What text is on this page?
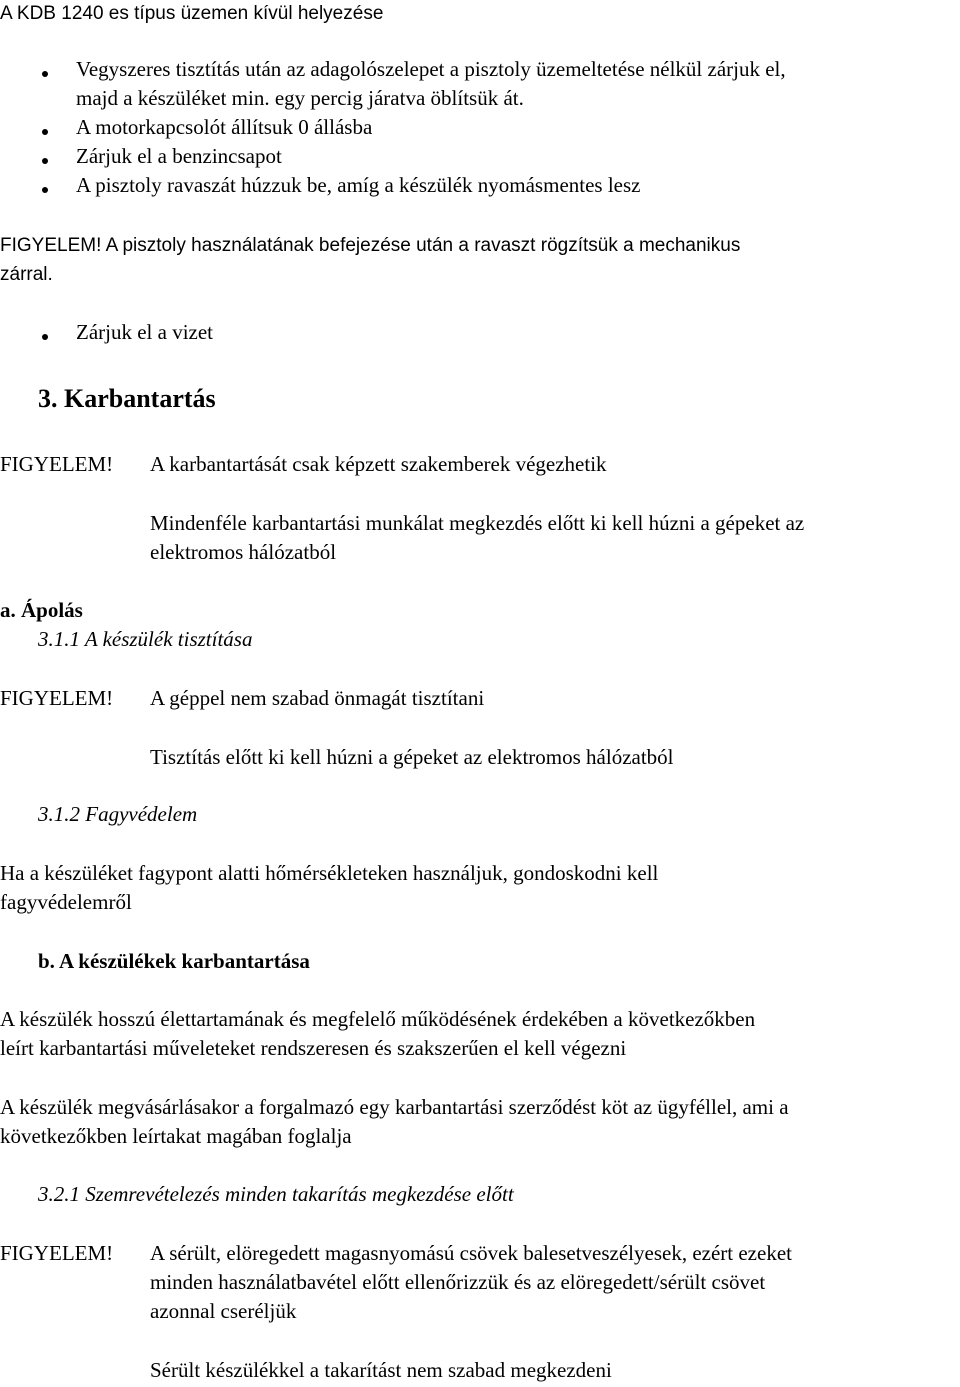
A KDB 1240 es típus üzemen kívül helyezése
Vegyszeres tisztítás után az adagolószelepet a pisztoly üzemeltetése nélkül zárjuk el,
majd a készüléket min. egy percig járatva öblítsük át.
A motorkapcsolót állítsuk 0 állásba
Zárjuk el a benzincsapot
A pisztoly ravaszát húzzuk be, amíg a készülék nyomásmentes lesz
FIGYELEM! A pisztoly használatának befejezése után a ravaszt rögzítsük a mechanikus
zárral.
Zárjuk el a vizet
3. Karbantartás
FIGYELEM! A karbantartását csak képzett szakemberek végezhetik
Mindenféle karbantartási munkálat megkezdés előtt ki kell húzni a gépeket az
elektromos hálózatból
a. Ápolás
3.1.1 A készülék tisztítása
FIGYELEM! A géppel nem szabad önmagát tisztítani
Tisztítás előtt ki kell húzni a gépeket az elektromos hálózatból
3.1.2 Fagyvédelem
Ha a készüléket fagypont alatti hőmérsékleteken használjuk, gondoskodni kell
fagyvédelemről
b. A készülékek karbantartása
A készülék hosszú élettartamának és megfelelő működésének érdekében a következőkben
leírt karbantartási műveleteket rendszeresen és szakszerűen el kell végezni
A készülék megvásárlásakor a forgalmazó egy karbantartási szerződést köt az ügyféllel, ami a
következőkben leírtakat magában foglalja
3.2.1 Szemrevételezés minden takarítás megkezdése előtt
FIGYELEM! A sérült, elöregedett magasnyomású csövek balesetveszélyesek, ezért ezeket
minden használatbavétel előtt ellenőrizzük és az elöregedett/sérült csövet
azonnal cseréljük
Sérült készülékkel a takarítást nem szabad megkezdeni
